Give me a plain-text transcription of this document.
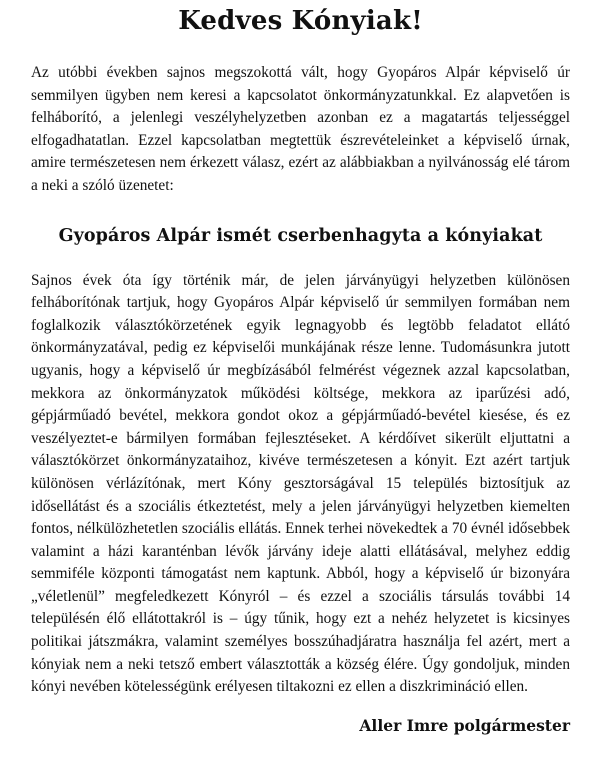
Kedves Kónyiak!

Az utóbbi években sajnos megszokottá vált, hogy Gyopáros Alpár képviselő úr semmilyen ügyben nem keresi a kapcsolatot önkormányzatunkkal. Ez alapvetően is felháborító, a jelenlegi veszélyhelyzetben azonban ez a magatartás teljességgel elfogadhatatlan. Ezzel kapcsolatban megtettük észrevételeinket a képviselő úrnak, amire természetesen nem érkezett válasz, ezért az alábbiakban a nyilvánosság elé tárom a neki a szóló üzenetet:

Gyopáros Alpár ismét cserbenhagyta a kónyiakat

Sajnos évek óta így történik már, de jelen járványügyi helyzetben különösen felháborítónak tartjuk, hogy Gyopáros Alpár képviselő úr semmilyen formában nem foglalkozik választókörzetének egyik legnagyobb és legtöbb feladatot ellátó önkormányzatával, pedig ez képviselői munkájának része lenne. Tudomásunkra jutott ugyanis, hogy a képviselő úr megbízásából felmérést végeznek azzal kapcsolatban, mekkora az önkormányzatok működési költsége, mekkora az iparűzési adó, gépjárműadó bevétel, mekkora gondot okoz a gépjárműadó-bevétel kiesése, és ez veszélyeztet-e bármilyen formában fejlesztéseket. A kérdőívet sikerült eljuttatni a választókörzet önkormányzataihoz, kivéve természetesen a kónyit. Ezt azért tartjuk különösen vérlázítónak, mert Kóny gesztorságával 15 település biztosítjuk az idősellátást és a szociális étkeztetést, mely a jelen járványügyi helyzetben kiemelten fontos, nélkülözhetetlen szociális ellátás. Ennek terhei növekedtek a 70 évnél idősebbek valamint a házi karanténban lévők járvány ideje alatti ellátásával, melyhez eddig semmiféle központi támogatást nem kaptunk. Abból, hogy a képviselő úr bizonyára „véletlenül” megfeledkezett Kónyról – és ezzel a szociális társulás további 14 településén élő ellátottakról is – úgy tűnik, hogy ezt a nehéz helyzetet is kicsinyes politikai játszmákra, valamint személyes bosszúhadjáratra használja fel azért, mert a kónyiak nem a neki tetsző embert választották a község élére. Úgy gondoljuk, minden kónyi nevében kötelességünk erélyesen tiltakozni ez ellen a diszkrimináció ellen.

Aller Imre polgármester
